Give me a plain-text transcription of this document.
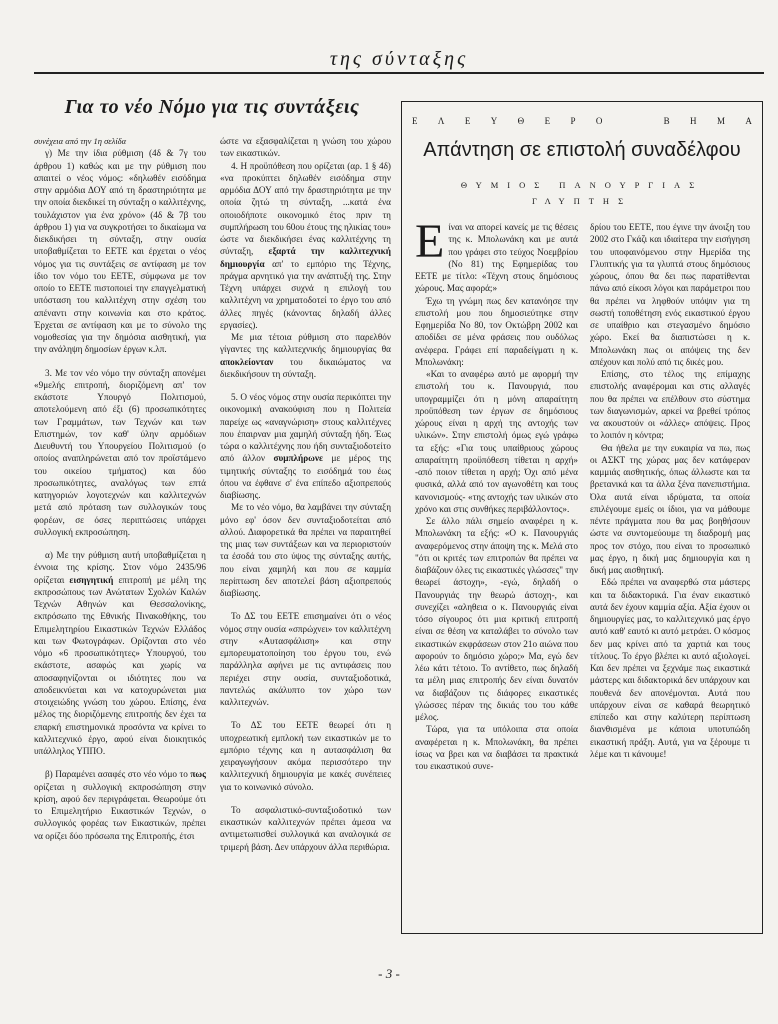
της σύνταξης
Για το νέο Νόμο για τις συντάξεις

συνέχεια από την 1η σελίδα

γ) Με την ίδια ρύθμιση (4δ & 7γ του άρθρου 1) καθώς και με την ρύθμιση που απαιτεί ο νέος νόμος: «δηλωθέν εισόδημα στην αρμόδια ΔΟΥ από τη δραστηριότητα με την οποία διεκδικεί τη σύνταξη ο καλλιτέχνης, τουλάχιστον για ένα χρόνο» (4δ & 7β του άρθρου 1) για να συγκροτήσει το δικαίωμα να διεκδικήσει τη σύνταξη, στην ουσία υποβαθμίζεται το ΕΕΤΕ και έρχεται ο νέος νόμος για τις συντάξεις σε αντίφαση με τον ίδιο τον νόμο του ΕΕΤΕ, σύμφωνα με τον οποίο το ΕΕΤΕ πιστοποιεί την επαγγελματική υπόσταση του καλλιτέχνη στην σχέση του απέναντι στην κοινωνία και στο κράτος. Έρχεται σε αντίφαση και με το σύνολο της νομοθεσίας για την δημόσια αισθητική, για την ανάληψη δημοσίων έργων κ.λπ.

3. Με τον νέο νόμο την σύνταξη απονέμει «9μελής επιτροπή, διοριζόμενη απ' τον εκάστοτε Υπουργό Πολιτισμού, αποτελούμενη από έξι (6) προσωπικότητες των Γραμμάτων, των Τεχνών και των Επιστημών, τον καθ' ύλην αρμόδιων Διευθυντή του Υπουργείου Πολιτισμού (ο οποίος αναπληρώνεται από τον προϊστάμενο του οικείου τμήματος) και δύο προσωπικότητες, αναλόγως των επτά κατηγοριών λογοτεχνών και καλλιτεχνών μετά από πρόταση των συλλογικών τους φορέων, σε όσες περιπτώσεις υπάρχει συλλογική εκπροσώπηση.

α) Με την ρύθμιση αυτή υποβαθμίζεται η έννοια της κρίσης. Στον νόμο 2435/96 ορίζεται εισηγητική επιτροπή με μέλη της εκπροσώπους των Ανώτατων Σχολών Καλών Τεχνών Αθηνών και Θεσσαλονίκης, εκπρόσωπο της Εθνικής Πινακοθήκης, του Επιμελητηρίου Εικαστικών Τεχνών Ελλάδος και των Φωτογράφων. Ορίζονται στο νέο νόμο «6 προσωπικότητες» Υπουργού, του εκάστοτε, ασαφώς και χωρίς να αποσαφηνίζονται οι ιδιότητες που να αποδεικνύεται και να κατοχυρώνεται μια στοιχειώδης γνώση του χώρου. Επίσης, ένα μέλος της διοριζόμενης επιτροπής δεν έχει τα επαρκή επιστημονικά προσόντα να κρίνει το καλλιτεχνικό έργο, αφού είναι διοικητικός υπάλληλος ΥΠΠΟ.

β) Παραμένει ασαφές στο νέο νόμο το πως ορίζεται η συλλογική εκπροσώπηση στην κρίση, αφού δεν περιγράφεται. Θεωρούμε ότι το Επιμελητήριο Εικαστικών Τεχνών, ο συλλογικός φορέας των Εικαστικών, πρέπει να ορίζει δύο πρόσωπα της Επιτροπής, έτσι

ώστε να εξασφαλίζεται η γνώση του χώρου των εικαστικών.

4. Η προϋπόθεση που ορίζεται (αρ. 1 § 4δ) «να προκύπτει δηλωθέν εισόδημα στην αρμόδια ΔΟΥ από την δραστηριότητα με την οποία ζητώ τη σύνταξη, ...κατά ένα οποιοδήποτε οικονομικό έτος πριν τη συμπλήρωση του 60ου έτους της ηλικίας του» ώστε να διεκδικήσει ένας καλλιτέχνης τη σύνταξη, εξαρτά την καλλιτεχνική δημιουργία απ' το εμπόριο της Τέχνης, πράγμα αρνητικό για την ανάπτυξή της. Στην Τέχνη υπάρχει συχνά η επιλογή του καλλιτέχνη να χρηματοδοτεί το έργο του από άλλες πηγές (κάνοντας δηλαδή άλλες εργασίες).

Με μια τέτοια ρύθμιση στο παρελθόν γίγαντες της καλλιτεχνικής δημιουργίας θα αποκλείονταν του δικαιώματος να διεκδικήσουν τη σύνταξη.

5. Ο νέος νόμος στην ουσία περικόπτει την οικονομική ανακούφιση που η Πολιτεία παρείχε ως «αναγνώριση» στους καλλιτέχνες που έπαιρναν μια χαμηλή σύνταξη ήδη. Έως τώρα ο καλλιτέχνης που ήδη συνταξιοδοτείτο από άλλον συμπλήρωνε με μέρος της τιμητικής σύνταξης το εισόδημά του έως όπου να έφθανε σ' ένα επίπεδο αξιοπρεπούς διαβίωσης.

Με το νέο νόμο, θα λαμβάνει την σύνταξη μόνο εφ' όσον δεν συνταξιοδοτείται από αλλού. Διαφορετικά θα πρέπει να παραιτηθεί της μιας των συντάξεων και να περιοριστούν τα έσοδά του στο ύψος της σύνταξης αυτής, που είναι χαμηλή και που σε καμμία περίπτωση δεν αποτελεί βάση αξιοπρεπούς διαβίωσης.

Το ΔΣ του ΕΕΤΕ επισημαίνει ότι ο νέος νόμος στην ουσία «σπρώχνει» τον καλλιτέχνη στην «Αυτασφάλιση» και στην εμπορευματοποίηση του έργου του, ενώ παράλληλα αφήνει με τις αντιφάσεις που περιέχει στην ουσία, συνταξιοδοτικά, παντελώς ακάλυπτο τον χώρο των καλλιτεχνών.

Το ΔΣ του ΕΕΤΕ θεωρεί ότι η υποχρεωτική εμπλοκή των εικαστικών με το εμπόριο τέχνης και η αυτασφάλιση θα χειραγωγήσουν ακόμα περισσότερο την καλλιτεχνική δημιουργία με κακές συνέπειες για το κοινωνικό σύνολο.

Το ασφαλιστικό-συνταξιοδοτικό των εικαστικών καλλιτεχνών πρέπει άμεσα να αντιμετωπισθεί συλλογικά και αναλογικά σε τριμερή βάση. Δεν υπάρχουν άλλα περιθώρια.

Ε Λ Ε Υ Θ Ε Ρ Ο	Β Η Μ Α
Απάντηση σε επιστολή συναδέλφου
ΘΥΜΙΟΣ ΠΑΝΟΥΡΓΙΑΣ
ΓΛΥΠΤΗΣ

Είναι να απορεί κανείς με τις θέσεις της κ. Μπολωνάκη και με αυτά που γράφει στο τεύχος Νοεμβρίου (Νο 81) της Εφημερίδας του ΕΕΤΕ με τίτλο: «Τέχνη στους δημόσιους χώρους. Μας αφορά;»

Έχω τη γνώμη πως δεν κατανόησε την επιστολή μου που δημοσιεύτηκε στην Εφημερίδα Νο 80, τον Οκτώβρη 2002 και αποδίδει σε μένα φράσεις που ουδόλως ανέφερα. Γράφει επί παραδείγματι η κ. Μπολωνάκη:

«Και το αναφέρω αυτό με αφορμή την επιστολή του κ. Πανουργιά, που υπογραμμίζει ότι η μόνη απαραίτητη προϋπόθεση των έργων σε δημόσιους χώρους είναι η αρχή της αντοχής των υλικών». Στην επιστολή όμως εγώ γράφω τα εξής: «Για τους υπαίθριους χώρους απαραίτητη προϋπόθεση τίθεται η αρχή» -από ποιον τίθεται η αρχή; Όχι από μένα φυσικά, αλλά από τον αγωνοθέτη και τους κανονισμούς- «της αντοχής των υλικών στο χρόνο και στις συνθήκες περιβάλλοντος».

Σε άλλο πάλι σημείο αναφέρει η κ. Μπολωνάκη τα εξής: «Ο κ. Πανουργιάς αναφερόμενος στην άποψη της κ. Μελά στο "ότι οι κριτές των επιτροπών θα πρέπει να διαβάζουν όλες τις εικαστικές γλώσσες" την θεωρεί άστοχη», -εγώ, δηλαδή ο Πανουργιάς την θεωρώ άστοχη-, και συνεχίζει «αληθεια ο κ. Πανουργιάς είναι τόσο σίγουρος ότι μια κριτική επιτροπή είναι σε θέση να καταλάβει το σύνολο των εικαστικών εκφράσεων στον 21ο αιώνα που αφορούν το δημόσιο χώρο;» Μα, εγώ δεν λέω κάτι τέτοιο. Το αντίθετο, πως δηλαδή τα μέλη μιας επιτροπής δεν είναι δυνατόν να διαβάζουν τις διάφορες εικαστικές γλώσσες πέραν της δικιάς του του κάθε μέλος.

Τώρα, για τα υπόλοιπα στα οποία αναφέρεται η κ. Μπολωνάκη, θα πρέπει ίσως να βρει και να διαβάσει τα πρακτικά του εικαστικού συνε-

δρίου του ΕΕΤΕ, που έγινε την άνοιξη του 2002 στο Γκάζι και ιδιαίτερα την εισήγηση του υποφαινόμενου στην Ημερίδα της Γλυπτικής για τα γλυπτά στους δημόσιους χώρους, όπου θα δει πως παρατίθενται πάνω από είκοσι λόγοι και παράμετροι που θα πρέπει να ληφθούν υπόψιν για τη σωστή τοποθέτηση ενός εικαστικού έργου σε υπαίθριο και στεγασμένο δημόσιο χώρο. Εκεί θα διαπιστώσει η κ. Μπολωνάκη πως οι απόψεις της δεν απέχουν και πολύ από τις δικές μου.

Επίσης, στο τέλος της επίμαχης επιστολής αναφέρομαι και στις αλλαγές που θα πρέπει να επέλθουν στο σύστημα των διαγωνισμών, αρκεί να βρεθεί τρόπος να ακουστούν οι «άλλες» απόψεις. Προς το λοιπόν η κόντρα;

Θα ήθελα με την ευκαιρία να πω, πως οι ΑΣΚΤ της χώρας μας δεν κατάφεραν καμμιάς αισθητικής, όπως άλλωστε και τα βρετανικά και τα άλλα ξένα πανεπιστήμια. Όλα αυτά είναι ιδρύματα, τα οποία επιλέγουμε εμείς οι ίδιοι, για να μάθουμε πέντε πράγματα που θα μας βοηθήσουν ώστε να συντομεύουμε τη διαδρομή μας προς τον στόχο, που είναι το προσωπικό μας έργο, η δική μας δημιουργία και η δική μας αισθητική.

Εδώ πρέπει να αναφερθώ στα μάστερς και τα διδακτορικά. Για έναν εικαστικό αυτά δεν έχουν καμμία αξία. Αξία έχουν οι δημιουργίες μας, το καλλιτεχνικό μας έργο αυτό καθ' εαυτό κι αυτό μετράει. Ο κόσμος δεν μας κρίνει από τα χαρτιά και τους τίτλους. Το έργο βλέπει κι αυτό αξιολογεί. Και δεν πρέπει να ξεχνάμε πως εικαστικά μάστερς και διδακτορικά δεν υπάρχουν και πουθενά δεν απονέμονται. Αυτά που υπάρχουν είναι σε καθαρά θεωρητικό επίπεδο και στην καλύτερη περίπτωση διανθισμένα με κάποια υποτυπώδη εικαστική πράξη. Αυτά, για να ξέρουμε τι λέμε και τι κάνουμε!

- 3 -
